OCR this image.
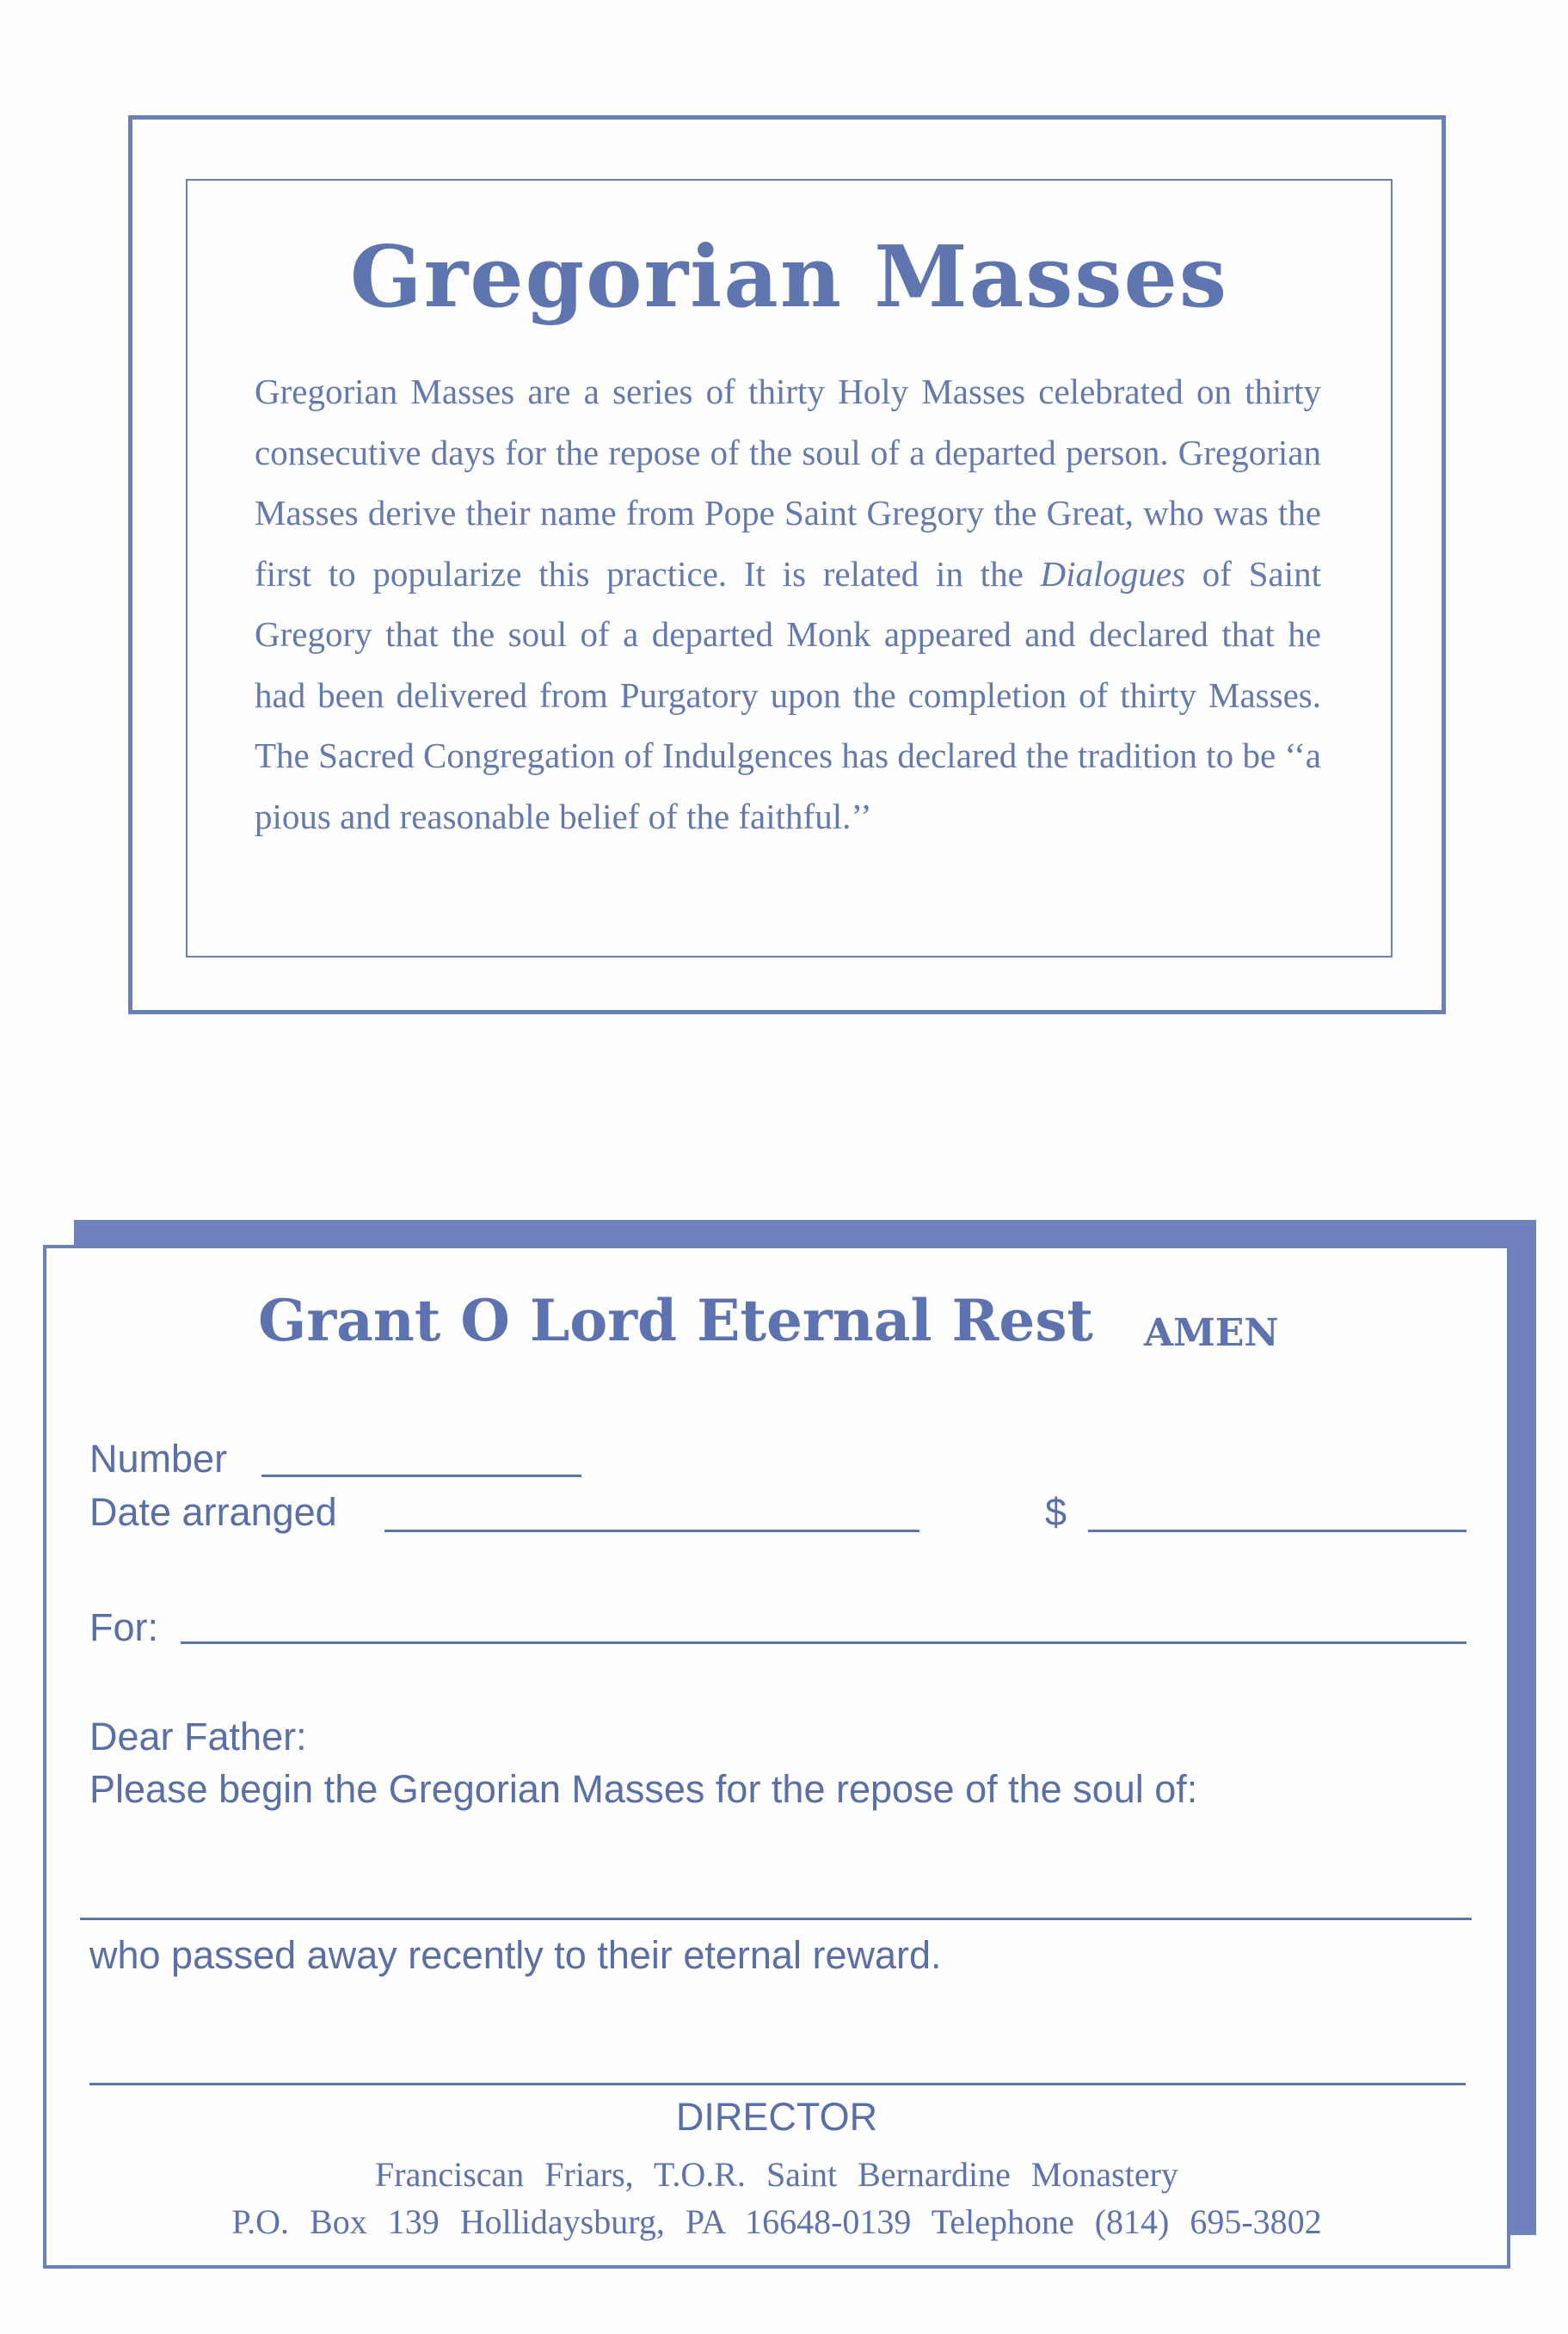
Gregorian Masses

Gregorian Masses are a series of thirty Holy Masses celebrated on thirty consecutive days for the repose of the soul of a departed person. Gregorian Masses derive their name from Pope Saint Gregory the Great, who was the first to popularize this practice. It is related in the Dialogues of Saint Gregory that the soul of a departed Monk appeared and declared that he had been delivered from Purgatory upon the completion of thirty Masses. The Sacred Congregation of Indulgences has declared the tradition to be ‘‘a pious and reasonable belief of the faithful.’’

Grant O Lord Eternal Rest AMEN
Number
Date arranged	$
For:
Dear Father:
Please begin the Gregorian Masses for the repose of the soul of:
who passed away recently to their eternal reward.
DIRECTOR
Franciscan Friars, T.O.R. Saint Bernardine Monastery
P.O. Box 139 Hollidaysburg, PA 16648-0139 Telephone (814) 695-3802
